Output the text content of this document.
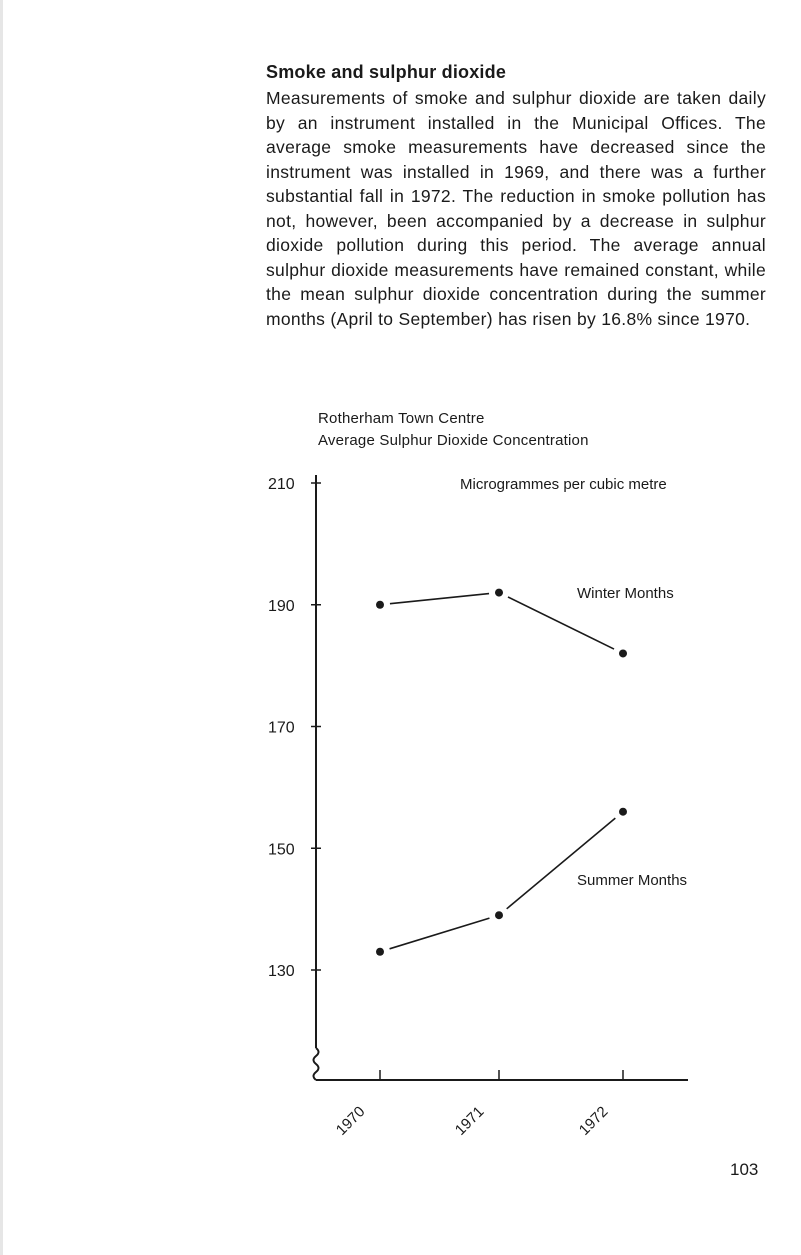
Smoke and sulphur dioxide

Measurements of smoke and sulphur dioxide are taken daily by an instrument installed in the Municipal Offices. The average smoke measurements have decreased since the instrument was installed in 1969, and there was a further substantial fall in 1972. The reduction in smoke pollution has not, however, been accompanied by a decrease in sulphur dioxide pollution during this period. The average annual sulphur dioxide measurements have remained constant, while the mean sulphur dioxide concentration during the summer months (April to September) has risen by 16.8% since 1970.

Rotherham Town Centre
Average Sulphur Dioxide Concentration
130
150
170
190
210	Microgrammes per cubic metre
1970	1971	1972
Winter Months
Summer Months
103
